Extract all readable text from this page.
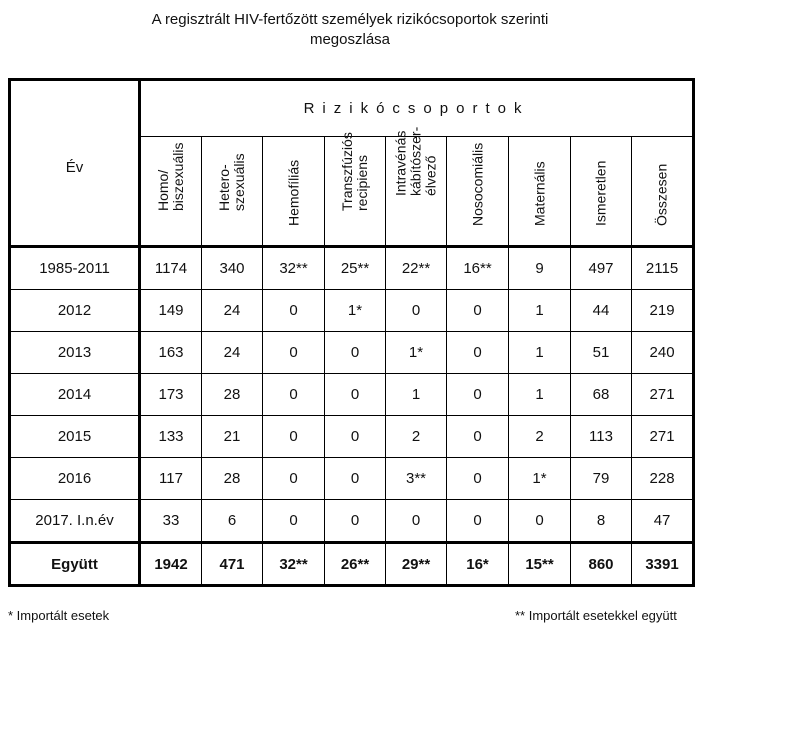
A regisztrált HIV-fertőzött személyek rizikócsoportok szerinti
megoszlása
Év	Rizikócsoportok								

	Homo/
biszexuális	Hetero-
szexuális	Hemofíliás	Transzfúziós
recipiens	Intravénás
kábítószer-
élvező	Nosocomiális	Maternális	Ismeretlen	Összesen

1985-2011	1174	340	32**	25**	22**	16**	9	497	2115
2012	149	24	0	1*	0	0	1	44	219
2013	163	24	0	0	1*	0	1	51	240
2014	173	28	0	0	1	0	1	68	271
2015	133	21	0	0	2	0	2	113	271
2016	117	28	0	0	3**	0	1*	79	228
2017. I.n.év	33	6	0	0	0	0	0	8	47
Együtt	1942	471	32**	26**	29**	16*	15**	860	3391
* Importált esetek	** Importált esetekkel együtt
